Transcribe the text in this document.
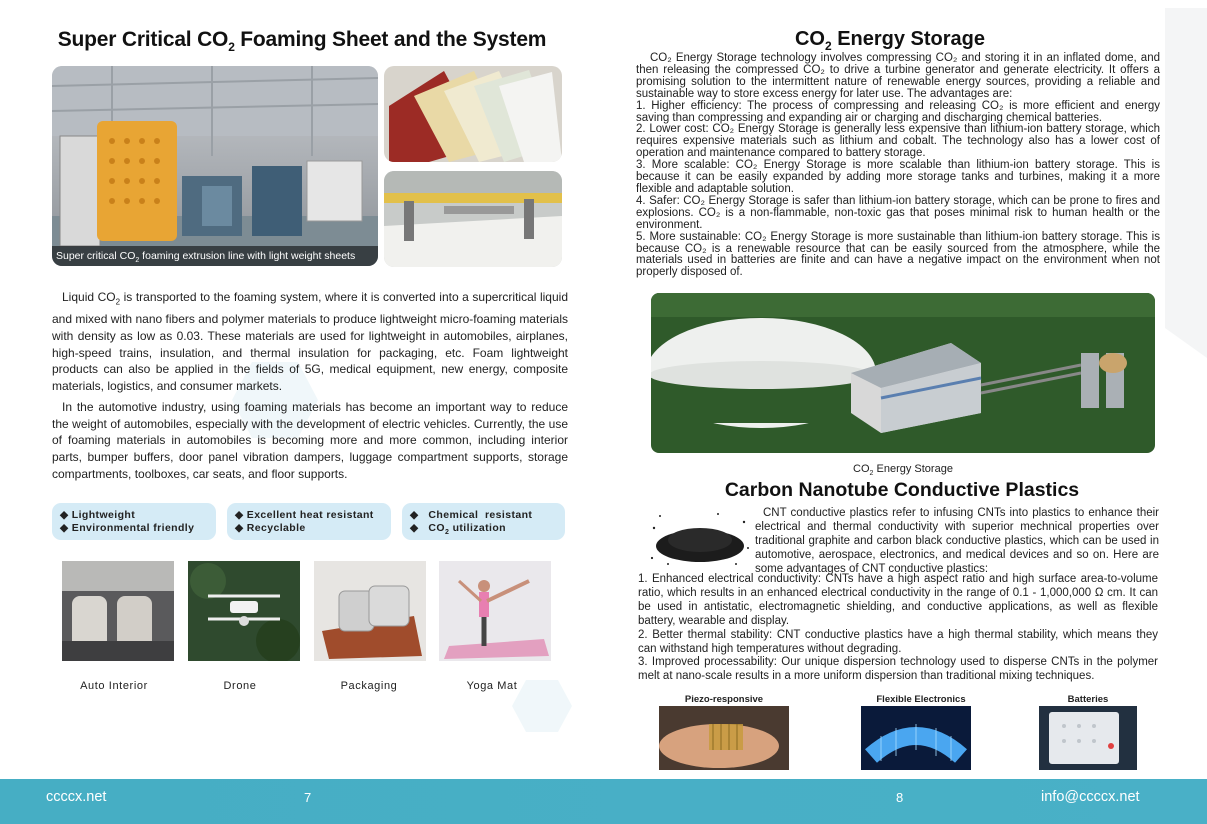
Super Critical $CO_2$ Foaming Sheet and the System
Super critical $CO_2$ foaming extrusion line with light weight sheets
Liquid $CO_2$ is transported to the foaming system, where it is converted into a supercritical liquid and mixed with nano fibers and polymer materials to produce lightweight micro-foaming materials with density as low as 0.03. These materials are used for lightweight in automobiles, airplanes, high-speed trains, insulation, and thermal insulation for packaging, etc. Foam lightweight products can also be applied in the fields of 5G, medical equipment, new energy, composite materials, logistics, and consumer markets.
In the automotive industry, using foaming materials has become an important way to reduce the weight of automobiles, especially with the development of electric vehicles. Currently, the use of foaming materials in automobiles is becoming more and more common, including interior parts, bumper buffers, door panel vibration dampers, luggage compartment supports, storage compartments, toolboxes, car seats, and floor supports.
◆ Lightweight
◆ Environmental friendly
◆ Excellent heat resistant
◆ Recyclable
◆   Chemical  resistant
◆   $CO_2$ utilization
Auto Interior	Drone	Packaging	Yoga Mat
$CO_2$ Energy Storage

CO₂ Energy Storage technology involves compressing CO₂ and storing it in an inflated dome, and then releasing the compressed CO₂ to drive a turbine generator and generate electricity. It offers a promising solution to the intermittent nature of renewable energy sources, providing a reliable and sustainable way to store excess energy for later use. The advantages are:

1. Higher efficiency: The process of compressing and releasing CO₂ is more efficient and energy saving than compressing and expanding air or charging and discharging chemical batteries.

2. Lower cost: CO₂ Energy Storage is generally less expensive than lithium-ion battery storage, which requires expensive materials such as lithium and cobalt. The technology also has a lower cost of operation and maintenance compared to battery storage.

3. More scalable: CO₂ Energy Storage is more scalable than lithium-ion battery storage. This is because it can be easily expanded by adding more storage tanks and turbines, making it a more flexible and adaptable solution.

4. Safer: CO₂ Energy Storage is safer than lithium-ion battery storage, which can be prone to fires and explosions. CO₂ is a non-flammable, non-toxic gas that poses minimal risk to human health or the environment.

5. More sustainable: CO₂ Energy Storage is more sustainable than lithium-ion battery storage. This is because CO₂ is a renewable resource that can be easily sourced from the atmosphere, while the materials used in batteries are finite and can have a negative impact on the environment when not properly disposed of.

$CO_2$ Energy Storage
Carbon Nanotube Conductive Plastics
CNT conductive plastics refer to infusing CNTs into plastics to enhance their electrical and thermal conductivity with superior mechnical properties over traditional graphite and carbon black conductive plastics, which can be used in automotive, aerospace, electronics, and medical devices and so on. Here are some advantages of CNT conductive plastics:

1. Enhanced electrical conductivity: CNTs have a high aspect ratio and high surface area-to-volume ratio, which results in an enhanced electrical conductivity in the range of 0.1 - 1,000,000 Ω cm. It can be used in antistatic, electromagnetic shielding, and conductive applications, as well as flexible battery, wearable and display.

2. Better thermal stability: CNT conductive plastics have a high thermal stability, which means they can withstand high temperatures without degrading.

3. Improved processability: Our unique dispersion technology used to disperse CNTs in the polymer melt at nano-scale results in a more uniform dispersion than traditional mixing techniques.

Piezo-responsive	Flexible Electronics	Batteries
ccccx.net	7	8	info@ccccx.net
